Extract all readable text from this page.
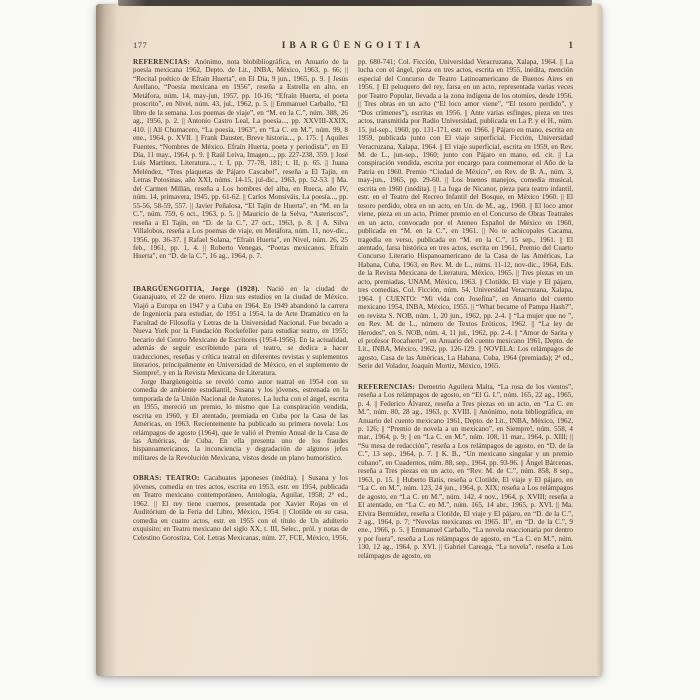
177	IBARGÜENGOITIA	1

REFERENCIAS: Anónimo, nota biobibliográfica, en Anuario de la poesía mexicana 1962, Depto. de Lit., INBA, México, 1963, p. 66; || “Recital poético de Efraín Huerta”, en El Día, 9 jun., 1965, p. 9. || Jesús Arellano, “Poesía mexicana en 1956”, reseña a Estrella en alto, en Metáfora, núm. 14, may-jun, 1957, pp. 10-16; “Efraín Huerta, el poeta proscrito”, en Nivel, núm. 43, jul., 1962, p. 5. || Emmanuel Carballo, “El libro de la semana. Los poemas de viaje”, en “M. en la C.”, núm. 388, 26 ag., 1956, p. 2. || Antonio Castro Leal, La poesía..., pp. XXVIII-XXIX, 410. || Alí Chumacero, “La poesía. 1963”, en “La C. en M.”, núm. 99, 8 ene., 1964, p. XVII. || Frank Dauster, Breve historia..., p. 175. || Aquiles Fuentes, “Nombres de México. Efraín Huerta, poeta y periodista”, en El Día, 11 may., 1964, p. 9. || Raúl Leiva, Imagen..., pp. 227-238, 359. || José Luis Martínez, Literatura..., t. I, pp. 77-78, 181; t. II, p. 65. || Juana Meléndez, “Tres plaquetas de Pájaro Cascabel”, reseña a El Tajín, en Letras Potosinas, año XXI, núms. 14-15, jul-dic., 1963, pp. 52-53. || Ma. del Carmen Millán, reseña a Los hombres del alba, en Rueca, año IV, núm. 14, primavera, 1945, pp. 61-62. || Carlos Monsiváis, La poesía..., pp. 55-56, 58-59, 557. || Javier Peñalosa, “El Tajín de Huerta”, en “M. en la C.”, núm. 759, 6 oct., 1963, p. 5. || Mauricio de la Selva, “Asteriscos”, reseña a El Tajín, en “D. de la C.”, 27 oct., 1963, p. 8. || A. Silva Villalobos, reseña a Los poemas de viaje, en Metáfora, núm. 11, nov-dic., 1956, pp. 36-37. || Rafael Solana, “Efraín Huerta”, en Nivel, núm. 26, 25 feb., 1961, pp. 1, 4. || Roberto Venegas, “Poetas mexicanos. Efraín Huerta”, en “D. de la C.”, 16 ag., 1964, p. 7.

IBARGÜENGOITIA, Jorge (1928). Nació en la ciudad de Guanajuato, el 22 de enero. Hizo sus estudios en la ciudad de México. Viajó a Europa en 1947 y a Cuba en 1964. En 1949 abandonó la carrera de Ingeniería para estudiar, de 1951 a 1954, la de Arte Dramático en la Facultad de Filosofía y Letras de la Universidad Nacional. Fue becado a Nueva York por la Fundación Rockefeller para estudiar teatro, en 1955; becario del Centro Mexicano de Escritores (1954-1956). En la actualidad, además de seguir escribiendo para el teatro, se dedica a hacer traducciones, reseñas y crítica teatral en diferentes revistas y suplementos literarios, principalmente en Universidad de México, en el suplemento de Siempre!, y en la Revista Mexicana de Literatura.

Jorge Ibargüengoitia se reveló como autor teatral en 1954 con su comedia de ambiente estudiantil, Susana y los jóvenes, estrenada en la temporada de la Unión Nacional de Autores. La lucha con el ángel, escrita en 1955, mereció un premio, lo mismo que La conspiración vendida, escrita en 1960, y El atentado, premiada en Cuba por la Casa de las Américas, en 1963. Recientemente ha publicado su primera novela: Los relámpagos de agosto (1964), que le valió el Premio Anual de la Casa de las Américas, de Cuba. En ella presenta uno de los fraudes hispanoamericanos, la inconciencia y degradación de algunos jefes militares de la Revolución Mexicana, vistos desde un plano humorístico.

OBRAS: TEATRO: Cacahuates japoneses (inédita). || Susana y los jóvenes, comedia en tres actos, escrita en 1953, estr. en 1954, publicada en Teatro mexicano contemporáneo, Antología, Aguilar, 1958; 2ª ed., 1962. || El rey tiene cuernos, presentada por Xavier Rojas en el Auditórium de la Feria del Libro, México, 1954. || Clotilde en su casa, comedia en cuatro actos, estr. en 1955 con el título de Un adulterio exquisito; en Teatro mexicano del siglo XX, t. III, Selec., pról. y notas de Celestino Gorostiza, Col. Letras Mexicanas, núm. 27, FCE, México, 1956,

pp. 680-741; Col. Ficción, Universidad Veracruzana, Xalapa, 1964. || La lucha con el ángel, pieza en tres actos, escrita en 1955, inédita, mención especial del Concurso de Teatro Latinoamericano de Buenos Aires en 1956. || El peluquero del rey, farsa en un acto, representada varias veces por Teatro Popular, llevada a la zona indígena de los otomíes, desde 1956. || Tres obras en un acto (“El loco amor viene”, “El tesoro perdido”, y “Dos crímenes”), escritas en 1956. || Ante varias esfinges, pieza en tres actos, transmitida por Radio Universidad, publicada en La P. y el H., núm. 15, jul-sep., 1960, pp. 131-171, estr. en 1966. || Pájaro en mano, escrita en 1959, publicada junto con El viaje superficial, Ficción, Universidad Veracruzana, Xalapa, 1964. || El viaje superficial, escrita en 1959, en Rev. M. de L., jun-sep., 1960; junto con Pájaro en mano, ed. cit. || La conspiración vendida, escrita por encargo para conmemorar el Año de la Patria en 1960. Premio “Ciudad de México”, en Rev. de B. A., núm. 3, may-jun., 1965, pp. 29-60. || Los buenos manejos, comedia musical, escrita en 1960 (inédita). || La fuga de Nicanor, pieza para teatro infantil, estr. en el Teatro del Recreo Infantil del Bosque, en México 1960. || El tesoro perdido, obra en un acto, en Un. de M., ag., 1960. || El loco amor viene, pieza en un acto, Primer premio en el Concurso de Obras Teatrales en un acto, convocado por el Ateneo Español de México en 1960, publicada en “M. en la C.”, en 1961. || No te achicopales Cacama, tragedia en verso, publicada en “M. en la C.”, 15 sep., 1961. || El atentado, farsa histórica en tres actos, escrita en 1961, Premio del Cuarto Concurso Literario Hispanoamericano de la Casa de las Américas, La Habana, Cuba, 1963, en Rev. M. de L., núms. 11-12, nov-dic., 1964, Eds. de la Revista Mexicana de Literatura, México, 1965. || Tres piezas en un acto, premiadas, UNAM, México, 1963. || Clotilde, El viaje y El pájaro, tres comedias, Col. Ficción, núm. 54, Universidad Veracruzana, Xalapa, 1964. || CUENTO: “Mi vida con Josefina”, en Anuario del cuento mexicano 1954, INBA, México, 1955. || “What became of Pampa Hash?”, en revista S. NOB, núm. 1, 20 jun., 1962, pp. 2-4. || “La mujer que no ”, en Rev. M. de L., número de Textos Eróticos, 1962. || “La ley de Herodes”, en S. NOB, núm. 4, 11 jul., 1962, pp. 2-4. || “Amor de Sarita y el profesor Rocafuerte”, en Anuario del cuento mexicano 1961, Depto. de Lit., INBA, México, 1962, pp. 126-129. || NOVELA: Los relámpagos de agosto, Casa de las Américas, La Habana, Cuba, 1964 (premiada); 2ª ed., Serie del Volador, Joaquín Mortiz, México, 1965.

REFERENCIAS: Demetrio Aguilera Malta, “La rosa de los vientos”, reseña a Los relámpagos de agosto, en “El G. I.”, núm. 165, 22 ag., 1965, p. 4. || Federico Álvarez, reseña a Tres piezas en un acto, en “La C. en M.”, núm. 80, 28 ag., 1963, p. XVIII. || Anónimo, nota bibliográfica, en Anuario del cuento mexicano 1961, Depto. de Lit., INBA, México, 1962, p. 126; || “Premio de novela a un mexicano”, en Siempre!, núm. 558, 4 mar., 1964, p. 9; || en “La C. en M.”, núm. 108, 11 mar., 1964, p. XIII; || “Su mesa de redacción”, reseña a Los relámpagos de agosto, en “D. de la C.”, 13 sep., 1964, p. 7. || K. B., “Un mexicano singular y un premio cubano”, en Cuadernos, núm. 88, sep., 1964, pp. 93-96. || Ángel Bárcenas, reseña a Tres piezas en un acto, en “Rev. M. de C.”, núm. 858, 8 sep., 1963, p. 15. || Huberto Batis, reseña a Clotilde, El viaje y El pájaro, en “La C. en M.”, núm. 123, 24 jun., 1964, p. XIX; reseña a Los relámpagos de agosto, en “La C. en M.”, núm. 142, 4 nov., 1964, p. XVIII; reseña a El atentado, en “La C. en M.”, núm. 165, 14 abr., 1965, p. XVI. || Ma. Elvira Bermúdez, reseña a Clotilde, El viaje y El pájaro, en “D. de la C.”, 2 ag., 1964, p. 7; “Novelas mexicanas en 1965. II”, en “D. de la C.”, 9 ene., 1966, p. 5. || Emmanuel Carballo, “La novela reaccionaria por dentro y por fuera”, reseña a Los relámpagos de agosto, en “La C. en M.”, núm. 130, 12 ag., 1964, p. XVI. || Gabriel Careaga, “La novela”, reseña a Los relámpagos de agosto, en
